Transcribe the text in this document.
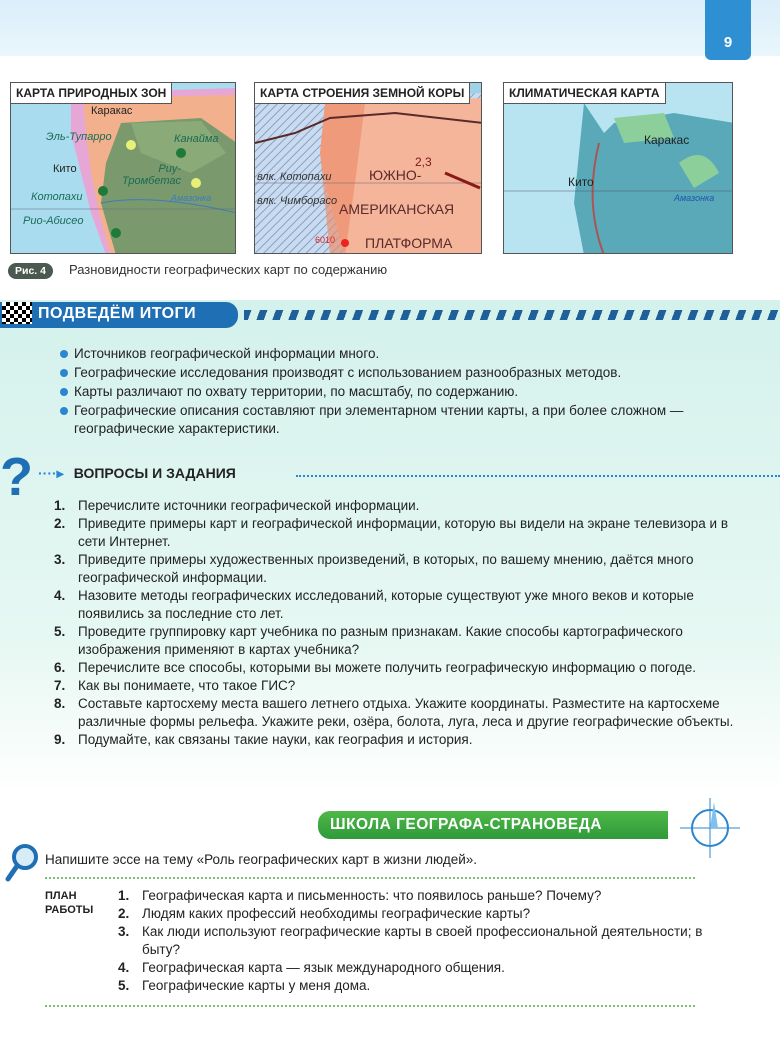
9
КАРТА ПРИРОДНЫХ ЗОН
Каракас
Эль-Тупарро	Канайма
Кито	Риу-Тромбетас
Котопахи
Рио-Абисео
Амазонка
КАРТА СТРОЕНИЯ ЗЕМНОЙ КОРЫ
2,3
влк. Котопахи	ЮЖНО-
влк. Чимборасо АМЕРИКАНСКАЯ
6010 ПЛАТФОРМА
КЛИМАТИЧЕСКАЯ КАРТА
Каракас
Кито
Амазонка
Рис. 4 Разновидности географических карт по содержанию
ПОДВЕДЁМ ИТОГИ
Источников географической информации много.
Географические исследования производят с использованием разнообразных методов.
Карты различают по охвату территории, по масштабу, по содержанию.
Географические описания составляют при элементарном чтении карты, а при более сложном — географические характеристики.
? ····▸ ВОПРОСЫ И ЗАДАНИЯ
1. Перечислите источники географической информации.
2. Приведите примеры карт и географической информации, которую вы видели на экране телевизора и в сети Интернет.
3. Приведите примеры художественных произведений, в которых, по вашему мнению, даётся много географической информации.
4. Назовите методы географических исследований, которые существуют уже много веков и которые появились за последние сто лет.
5. Проведите группировку карт учебника по разным признакам. Какие способы картографического изображения применяют в картах учебника?
6. Перечислите все способы, которыми вы можете получить географическую информацию о погоде.
7. Как вы понимаете, что такое ГИС?
8. Составьте картосхему места вашего летнего отдыха. Укажите координаты. Разместите на картосхеме различные формы рельефа. Укажите реки, озёра, болота, луга, леса и другие географические объекты.
9. Подумайте, как связаны такие науки, как география и история.
ШКОЛА ГЕОГРАФА-СТРАНОВЕДА
Напишите эссе на тему «Роль географических карт в жизни людей».
ПЛАН
РАБОТЫ
1. Географическая карта и письменность: что появилось раньше? Почему?
2. Людям каких профессий необходимы географические карты?
3. Как люди используют географические карты в своей профессиональной деятельности; в быту?
4. Географическая карта — язык международного общения.
5. Географические карты у меня дома.
